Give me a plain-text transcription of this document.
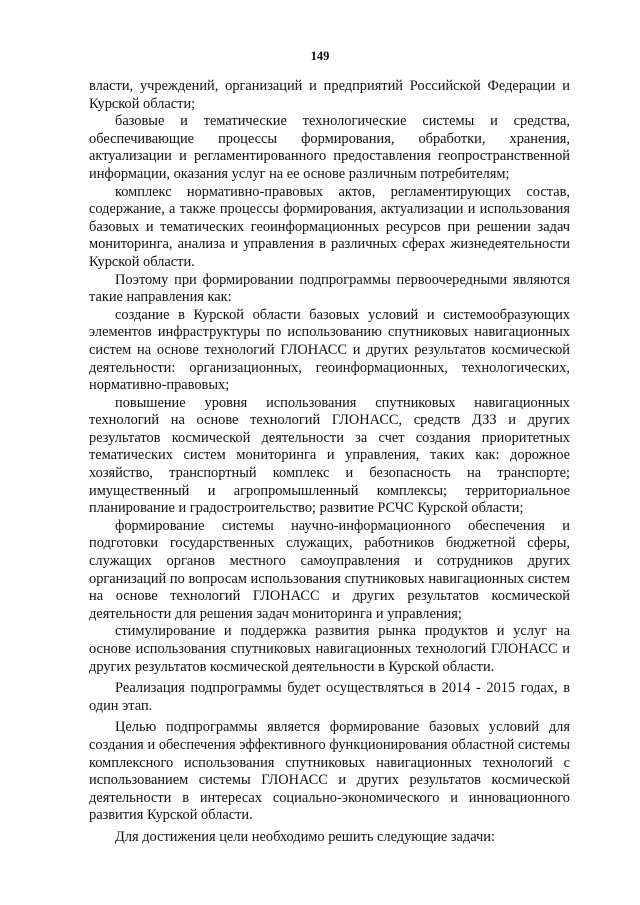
149

власти, учреждений, организаций и предприятий Российской Федерации и Курской области;

базовые и тематические технологические системы и средства, обеспечивающие процессы формирования, обработки, хранения, актуализации и регламентированного предоставления геопространственной информации, оказания услуг на ее основе различным потребителям;

комплекс нормативно-правовых актов, регламентирующих состав, содержание, а также процессы формирования, актуализации и использования базовых и тематических геоинформационных ресурсов при решении задач мониторинга, анализа и управления в различных сферах жизнедеятельности Курской области.

Поэтому при формировании подпрограммы первоочередными являются такие направления как:

создание в Курской области базовых условий и системообразующих элементов инфраструктуры по использованию спутниковых навигационных систем на основе технологий ГЛОНАСС и других результатов космической деятельности: организационных, геоинформационных, технологических, нормативно-правовых;

повышение уровня использования спутниковых навигационных технологий на основе технологий ГЛОНАСС, средств ДЗЗ и других результатов космической деятельности за счет создания приоритетных тематических систем мониторинга и управления, таких как: дорожное хозяйство, транспортный комплекс и безопасность на транспорте; имущественный и агропромышленный комплексы; территориальное планирование и градостроительство; развитие РСЧС Курской области;

формирование системы научно-информационного обеспечения и подготовки государственных служащих, работников бюджетной сферы, служащих органов местного самоуправления и сотрудников других организаций по вопросам использования спутниковых навигационных систем на основе технологий ГЛОНАСС и других результатов космической деятельности для решения задач мониторинга и управления;

стимулирование и поддержка развития рынка продуктов и услуг на основе использования спутниковых навигационных технологий ГЛОНАСС и других результатов космической деятельности в Курской области.

Реализация подпрограммы будет осуществляться в 2014 - 2015 годах, в один этап.

Целью подпрограммы является формирование базовых условий для создания и обеспечения эффективного функционирования областной системы комплексного использования спутниковых навигационных технологий с использованием системы ГЛОНАСС и других результатов космической деятельности в интересах социально-экономического и инновационного развития Курской области.

Для достижения цели необходимо решить следующие задачи:
